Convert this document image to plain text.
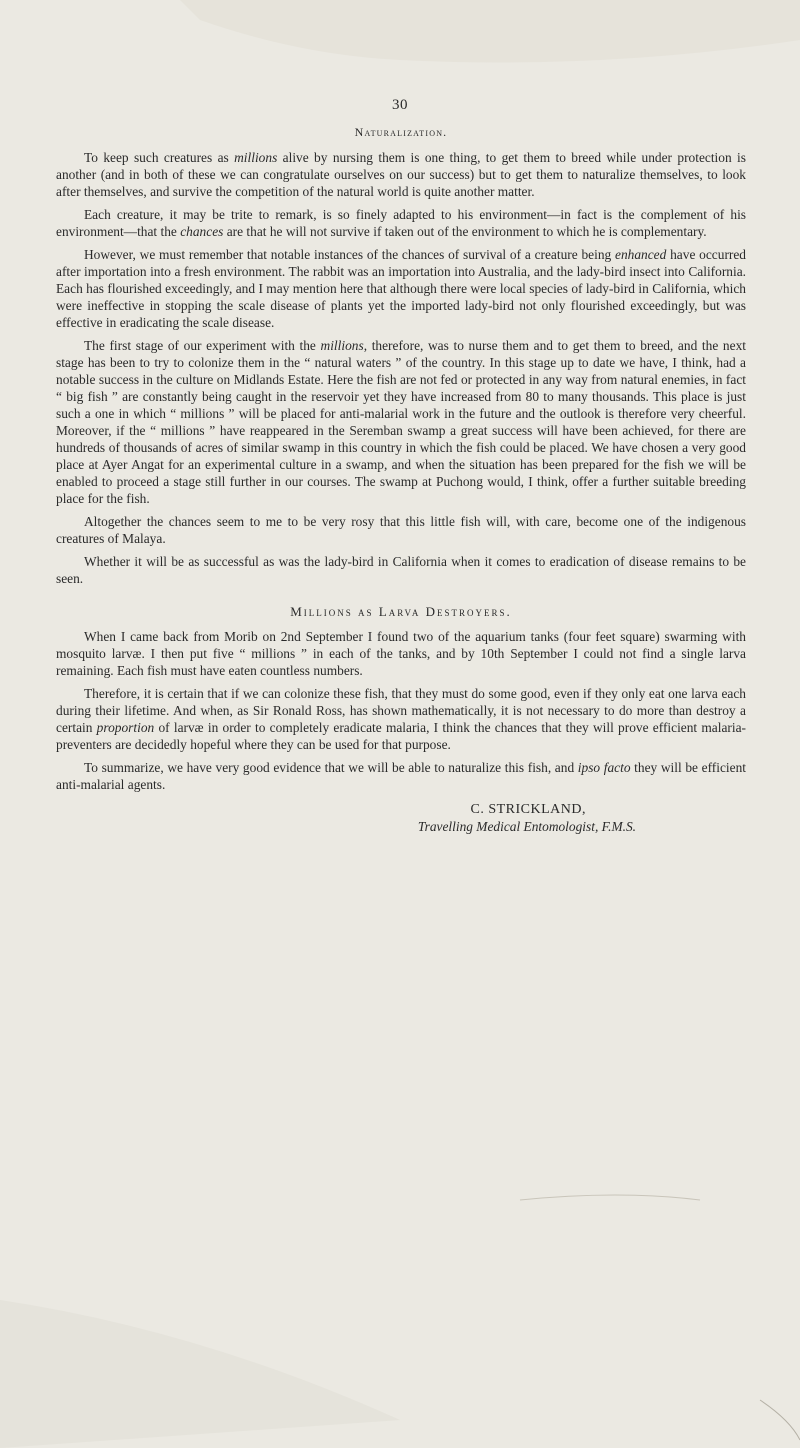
30
Naturalization.

To keep such creatures as millions alive by nursing them is one thing, to get them to breed while under protection is another (and in both of these we can congratulate ourselves on our success) but to get them to naturalize themselves, to look after themselves, and survive the competition of the natural world is quite another matter.

Each creature, it may be trite to remark, is so finely adapted to his environment—in fact is the complement of his environment—that the chances are that he will not survive if taken out of the environment to which he is complementary.

However, we must remember that notable instances of the chances of survival of a creature being enhanced have occurred after importation into a fresh environment. The rabbit was an importation into Australia, and the lady-bird insect into California. Each has flourished exceedingly, and I may mention here that although there were local species of lady-bird in California, which were ineffective in stopping the scale disease of plants yet the imported lady-bird not only flourished exceedingly, but was effective in eradicating the scale disease.

The first stage of our experiment with the millions, therefore, was to nurse them and to get them to breed, and the next stage has been to try to colonize them in the “ natural waters ” of the country. In this stage up to date we have, I think, had a notable success in the culture on Midlands Estate. Here the fish are not fed or protected in any way from natural enemies, in fact “ big fish ” are constantly being caught in the reservoir yet they have increased from 80 to many thousands. This place is just such a one in which “ millions ” will be placed for anti-malarial work in the future and the outlook is therefore very cheerful. Moreover, if the “ millions ” have reappeared in the Seremban swamp a great success will have been achieved, for there are hundreds of thousands of acres of similar swamp in this country in which the fish could be placed. We have chosen a very good place at Ayer Angat for an experimental culture in a swamp, and when the situation has been prepared for the fish we will be enabled to proceed a stage still further in our courses. The swamp at Puchong would, I think, offer a further suitable breeding place for the fish.

Altogether the chances seem to me to be very rosy that this little fish will, with care, become one of the indigenous creatures of Malaya.

Whether it will be as successful as was the lady-bird in California when it comes to eradication of disease remains to be seen.

Millions as Larva Destroyers.

When I came back from Morib on 2nd September I found two of the aquarium tanks (four feet square) swarming with mosquito larvæ. I then put five “ millions ” in each of the tanks, and by 10th September I could not find a single larva remaining. Each fish must have eaten countless numbers.

Therefore, it is certain that if we can colonize these fish, that they must do some good, even if they only eat one larva each during their lifetime. And when, as Sir Ronald Ross, has shown mathematically, it is not necessary to do more than destroy a certain proportion of larvæ in order to completely eradicate malaria, I think the chances that they will prove efficient malaria-preventers are decidedly hopeful where they can be used for that purpose.

To summarize, we have very good evidence that we will be able to naturalize this fish, and ipso facto they will be efficient anti-malarial agents.

C. STRICKLAND,
Travelling Medical Entomologist, F.M.S.
